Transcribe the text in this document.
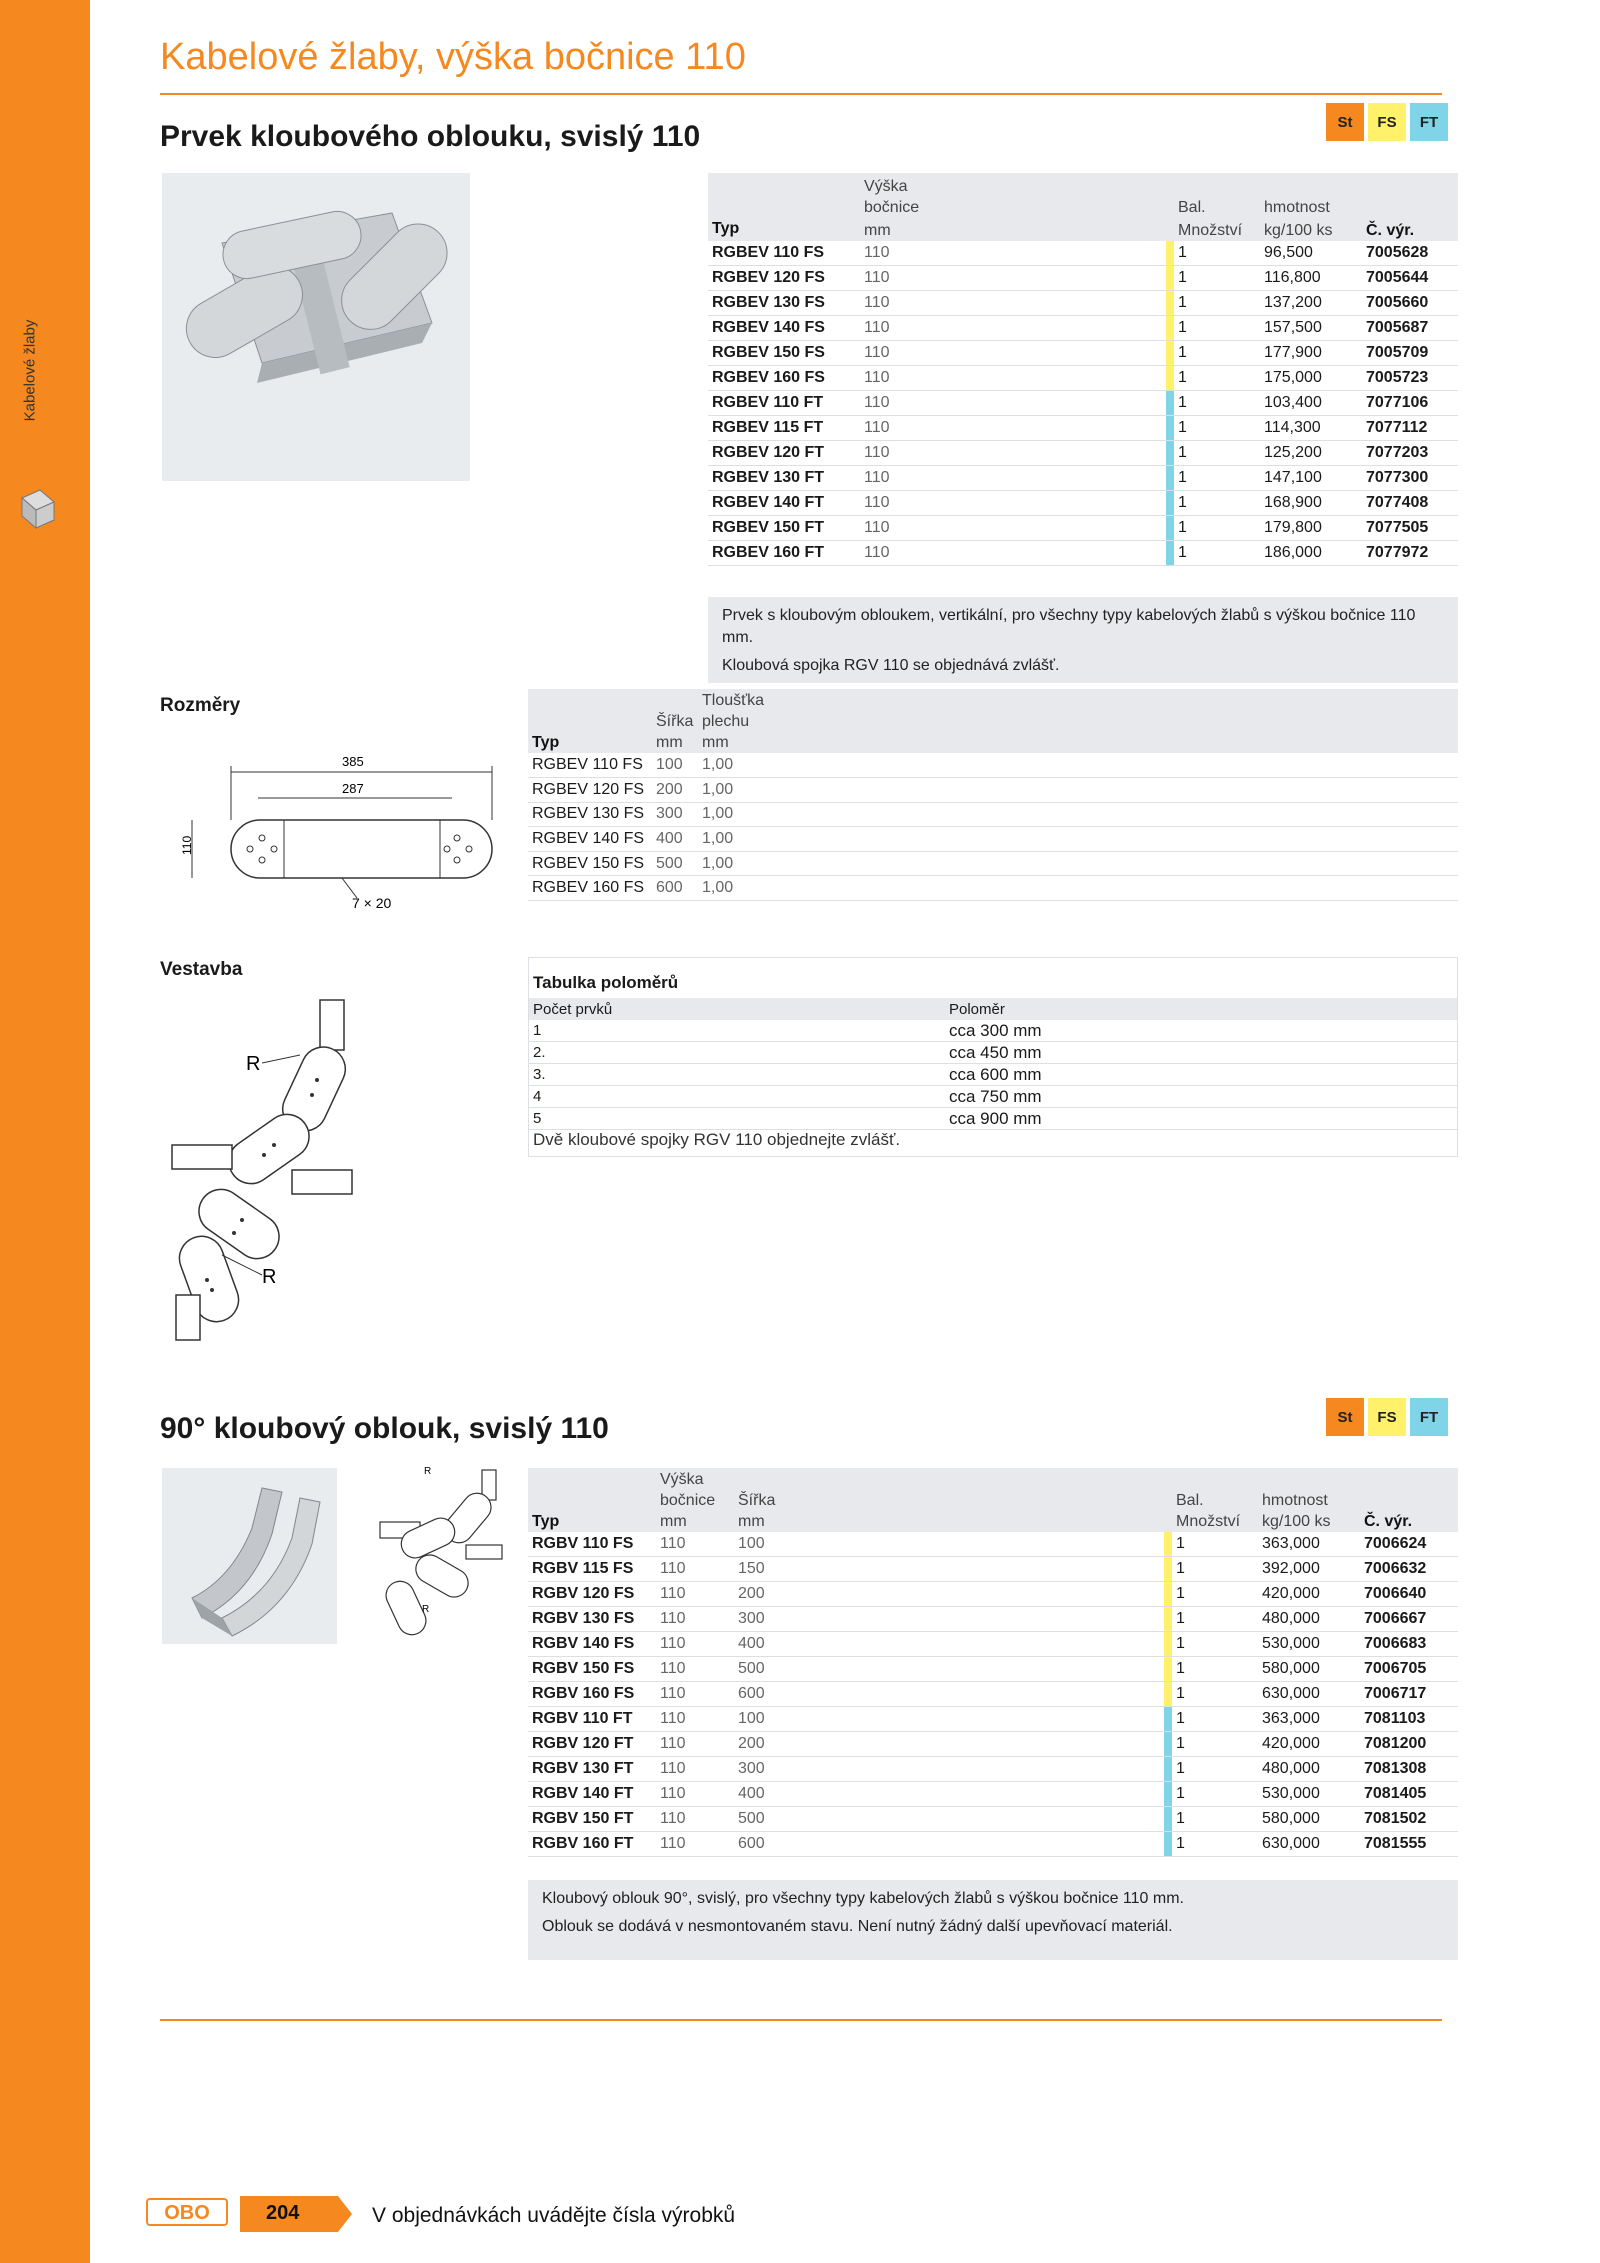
Kabelové žlaby
Kabelové žlaby, výška bočnice 110
Prvek kloubového oblouku, svislý 110	St	FS	FT
	Výška					
	bočnice			Bal.	hmotnost	
Typ	mm			Množství	kg/100 ks	Č. výr.
RGBEV 110 FS	110			1	96,500	7005628
RGBEV 120 FS	110			1	116,800	7005644
RGBEV 130 FS	110			1	137,200	7005660
RGBEV 140 FS	110			1	157,500	7005687
RGBEV 150 FS	110			1	177,900	7005709
RGBEV 160 FS	110			1	175,000	7005723
RGBEV 110 FT	110			1	103,400	7077106
RGBEV 115 FT	110			1	114,300	7077112
RGBEV 120 FT	110			1	125,200	7077203
RGBEV 130 FT	110			1	147,100	7077300
RGBEV 140 FT	110			1	168,900	7077408
RGBEV 150 FT	110			1	179,800	7077505
RGBEV 160 FT	110			1	186,000	7077972

Prvek s kloubovým obloukem, vertikální, pro všechny typy kabelových žlabů s výškou bočnice 110 mm.

Kloubová spojka RGV 110 se objednává zvlášť.

Rozměry
385
287
110
7 × 20
		Tloušťka
	Šířka	plechu
Typ	mm	mm
RGBEV 110 FS	100	1,00
RGBEV 120 FS	200	1,00
RGBEV 130 FS	300	1,00
RGBEV 140 FS	400	1,00
RGBEV 150 FS	500	1,00
RGBEV 160 FS	600	1,00
Vestavba
R
R
Tabulka poloměrů
Počet prvků	Poloměr
1	cca 300 mm
2.	cca 450 mm
3.	cca 600 mm
4	cca 750 mm
5	cca 900 mm
Dvě kloubové spojky RGV 110 objednejte zvlášť.
90° kloubový oblouk, svislý 110	St	FS	FT
R
R
	Výška						
	bočnice	Šířka			Bal.	hmotnost	
Typ	mm	mm			Množství	kg/100 ks	Č. výr.
RGBV 110 FS	110	100			1	363,000	7006624
RGBV 115 FS	110	150			1	392,000	7006632
RGBV 120 FS	110	200			1	420,000	7006640
RGBV 130 FS	110	300			1	480,000	7006667
RGBV 140 FS	110	400			1	530,000	7006683
RGBV 150 FS	110	500			1	580,000	7006705
RGBV 160 FS	110	600			1	630,000	7006717
RGBV 110 FT	110	100			1	363,000	7081103
RGBV 120 FT	110	200			1	420,000	7081200
RGBV 130 FT	110	300			1	480,000	7081308
RGBV 140 FT	110	400			1	530,000	7081405
RGBV 150 FT	110	500			1	580,000	7081502
RGBV 160 FT	110	600			1	630,000	7081555

Kloubový oblouk 90°, svislý, pro všechny typy kabelových žlabů s výškou bočnice 110 mm.

Oblouk se dodává v nesmontovaném stavu. Není nutný žádný další upevňovací materiál.

OBO	204	V objednávkách uvádějte čísla výrobků
